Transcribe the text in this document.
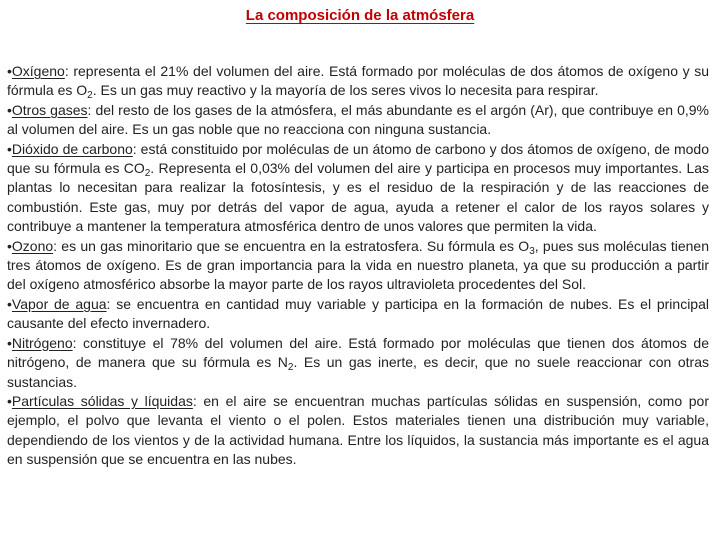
La composición de la atmósfera

•Oxígeno: representa el 21% del volumen del aire. Está formado por moléculas de dos átomos de oxígeno y su fórmula es $O_2$. Es un gas muy reactivo y la mayoría de los seres vivos lo necesita para respirar.

•Otros gases: del resto de los gases de la atmósfera, el más abundante es el argón (Ar), que contribuye en 0,9% al volumen del aire. Es un gas noble que no reacciona con ninguna sustancia.

•Dióxido de carbono: está constituido por moléculas de un átomo de carbono y dos átomos de oxígeno, de modo que su fórmula es $CO_2$. Representa el 0,03% del volumen del aire y participa en procesos muy importantes. Las plantas lo necesitan para realizar la fotosíntesis, y es el residuo de la respiración y de las reacciones de combustión. Este gas, muy por detrás del vapor de agua, ayuda a retener el calor de los rayos solares y contribuye a mantener la temperatura atmosférica dentro de unos valores que permiten la vida.

•Ozono: es un gas minoritario que se encuentra en la estratosfera. Su fórmula es $O_3$, pues sus moléculas tienen tres átomos de oxígeno. Es de gran importancia para la vida en nuestro planeta, ya que su producción a partir del oxígeno atmosférico absorbe la mayor parte de los rayos ultravioleta procedentes del Sol.

•Vapor de agua: se encuentra en cantidad muy variable y participa en la formación de nubes. Es el principal causante del efecto invernadero.

•Nitrógeno: constituye el 78% del volumen del aire. Está formado por moléculas que tienen dos átomos de nitrógeno, de manera que su fórmula es $N_2$. Es un gas inerte, es decir, que no suele reaccionar con otras sustancias.

•Partículas sólidas y líquidas: en el aire se encuentran muchas partículas sólidas en suspensión, como por ejemplo, el polvo que levanta el viento o el polen. Estos materiales tienen una distribución muy variable, dependiendo de los vientos y de la actividad humana. Entre los líquidos, la sustancia más importante es el agua en suspensión que se encuentra en las nubes.
